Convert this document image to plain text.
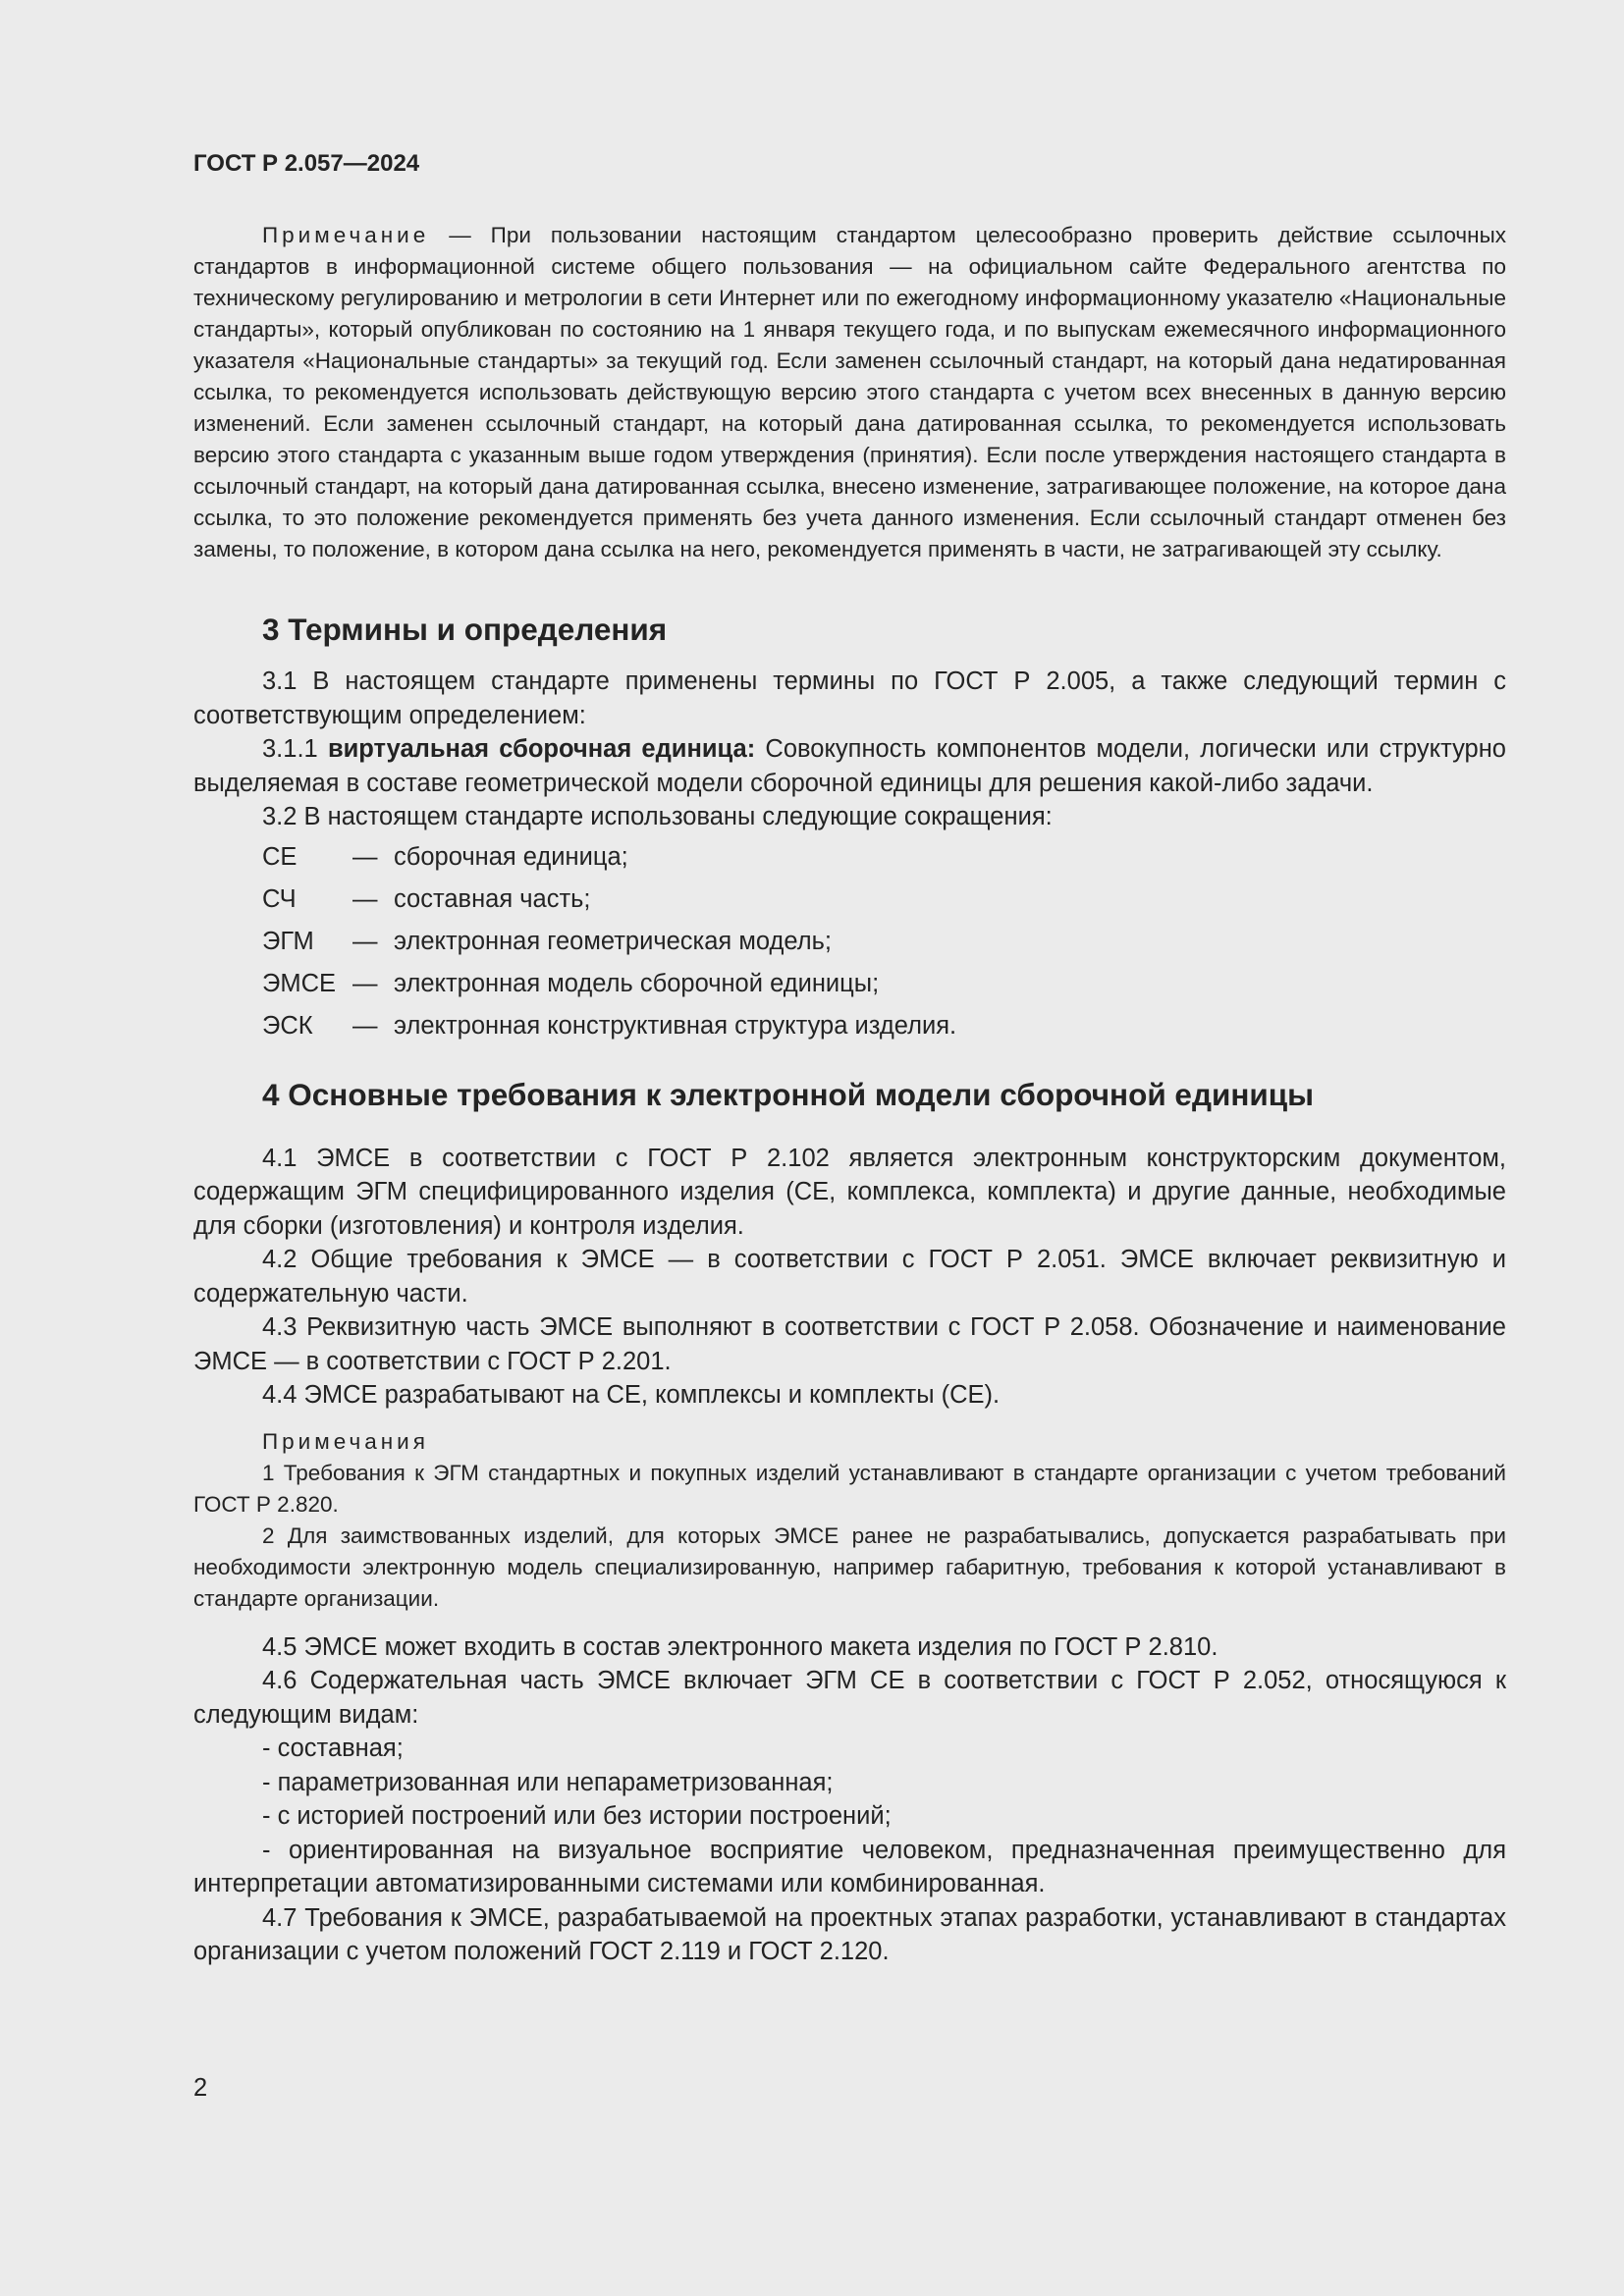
ГОСТ Р 2.057—2024

Примечание — При пользовании настоящим стандартом целесообразно проверить действие ссылочных стандартов в информационной системе общего пользования — на официальном сайте Федерального агентства по техническому регулированию и метрологии в сети Интернет или по ежегодному информационному указателю «Национальные стандарты», который опубликован по состоянию на 1 января текущего года, и по выпускам ежемесячного информационного указателя «Национальные стандарты» за текущий год. Если заменен ссылочный стандарт, на который дана недатированная ссылка, то рекомендуется использовать действующую версию этого стандарта с учетом всех внесенных в данную версию изменений. Если заменен ссылочный стандарт, на который дана датированная ссылка, то рекомендуется использовать версию этого стандарта с указанным выше годом утверждения (принятия). Если после утверждения настоящего стандарта в ссылочный стандарт, на который дана датированная ссылка, внесено изменение, затрагивающее положение, на которое дана ссылка, то это положение рекомендуется применять без учета данного изменения. Если ссылочный стандарт отменен без замены, то положение, в котором дана ссылка на него, рекомендуется применять в части, не затрагивающей эту ссылку.

3 Термины и определения

3.1 В настоящем стандарте применены термины по ГОСТ Р 2.005, а также следующий термин с соответствующим определением:

3.1.1 виртуальная сборочная единица: Совокупность компонентов модели, логически или структурно выделяемая в составе геометрической модели сборочной единицы для решения какой-либо задачи.

3.2 В настоящем стандарте использованы следующие сокращения:

СЕ	— сборочная единица;
СЧ	— составная часть;
ЭГМ	— электронная геометрическая модель;
ЭМСЕ — электронная модель сборочной единицы;
ЭСК	— электронная конструктивная структура изделия.
4 Основные требования к электронной модели сборочной единицы

4.1 ЭМСЕ в соответствии с ГОСТ Р 2.102 является электронным конструкторским документом, содержащим ЭГМ специфицированного изделия (СЕ, комплекса, комплекта) и другие данные, необходимые для сборки (изготовления) и контроля изделия.

4.2 Общие требования к ЭМСЕ — в соответствии с ГОСТ Р 2.051. ЭМСЕ включает реквизитную и содержательную части.

4.3 Реквизитную часть ЭМСЕ выполняют в соответствии с ГОСТ Р 2.058. Обозначение и наименование ЭМСЕ — в соответствии с ГОСТ Р 2.201.

4.4 ЭМСЕ разрабатывают на СЕ, комплексы и комплекты (СЕ).

Примечания

1 Требования к ЭГМ стандартных и покупных изделий устанавливают в стандарте организации с учетом требований ГОСТ Р 2.820.

2 Для заимствованных изделий, для которых ЭМСЕ ранее не разрабатывались, допускается разрабатывать при необходимости электронную модель специализированную, например габаритную, требования к которой устанавливают в стандарте организации.

4.5 ЭМСЕ может входить в состав электронного макета изделия по ГОСТ Р 2.810.

4.6 Содержательная часть ЭМСЕ включает ЭГМ СЕ в соответствии с ГОСТ Р 2.052, относящуюся к следующим видам:

- составная;

- параметризованная или непараметризованная;

- с историей построений или без истории построений;

- ориентированная на визуальное восприятие человеком, предназначенная преимущественно для интерпретации автоматизированными системами или комбинированная.

4.7 Требования к ЭМСЕ, разрабатываемой на проектных этапах разработки, устанавливают в стандартах организации с учетом положений ГОСТ 2.119 и ГОСТ 2.120.

2
